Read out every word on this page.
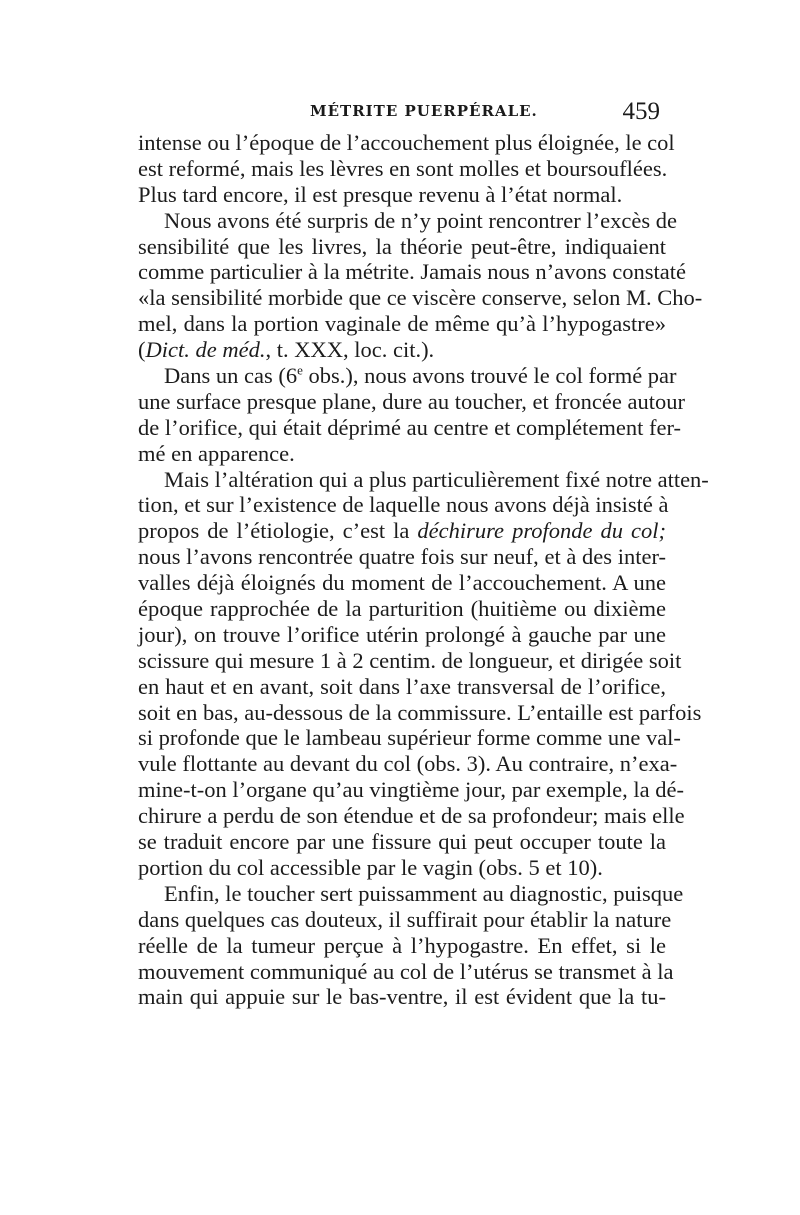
MÉTRITE PUERPÉRALE.	459
intense ou l’époque de l’accouchement plus éloignée, le col
est reformé, mais les lèvres en sont molles et boursouflées.
Plus tard encore, il est presque revenu à l’état normal.
Nous avons été surpris de n’y point rencontrer l’excès de
sensibilité que les livres, la théorie peut-être, indiquaient
comme particulier à la métrite. Jamais nous n’avons constaté
«la sensibilité morbide que ce viscère conserve, selon M. Cho-
mel, dans la portion vaginale de même qu’à l’hypogastre»
(Dict. de méd., t. XXX, loc. cit.).
Dans un cas (6e obs.), nous avons trouvé le col formé par
une surface presque plane, dure au toucher, et froncée autour
de l’orifice, qui était déprimé au centre et complétement fer-
mé en apparence.
Mais l’altération qui a plus particulièrement fixé notre atten-
tion, et sur l’existence de laquelle nous avons déjà insisté à
propos de l’étiologie, c’est la déchirure profonde du col;
nous l’avons rencontrée quatre fois sur neuf, et à des inter-
valles déjà éloignés du moment de l’accouchement. A une
époque rapprochée de la parturition (huitième ou dixième
jour), on trouve l’orifice utérin prolongé à gauche par une
scissure qui mesure 1 à 2 centim. de longueur, et dirigée soit
en haut et en avant, soit dans l’axe transversal de l’orifice,
soit en bas, au-dessous de la commissure. L’entaille est parfois
si profonde que le lambeau supérieur forme comme une val-
vule flottante au devant du col (obs. 3). Au contraire, n’exa-
mine-t-on l’organe qu’au vingtième jour, par exemple, la dé-
chirure a perdu de son étendue et de sa profondeur; mais elle
se traduit encore par une fissure qui peut occuper toute la
portion du col accessible par le vagin (obs. 5 et 10).
Enfin, le toucher sert puissamment au diagnostic, puisque
dans quelques cas douteux, il suffirait pour établir la nature
réelle de la tumeur perçue à l’hypogastre. En effet, si le
mouvement communiqué au col de l’utérus se transmet à la
main qui appuie sur le bas-ventre, il est évident que la tu-
